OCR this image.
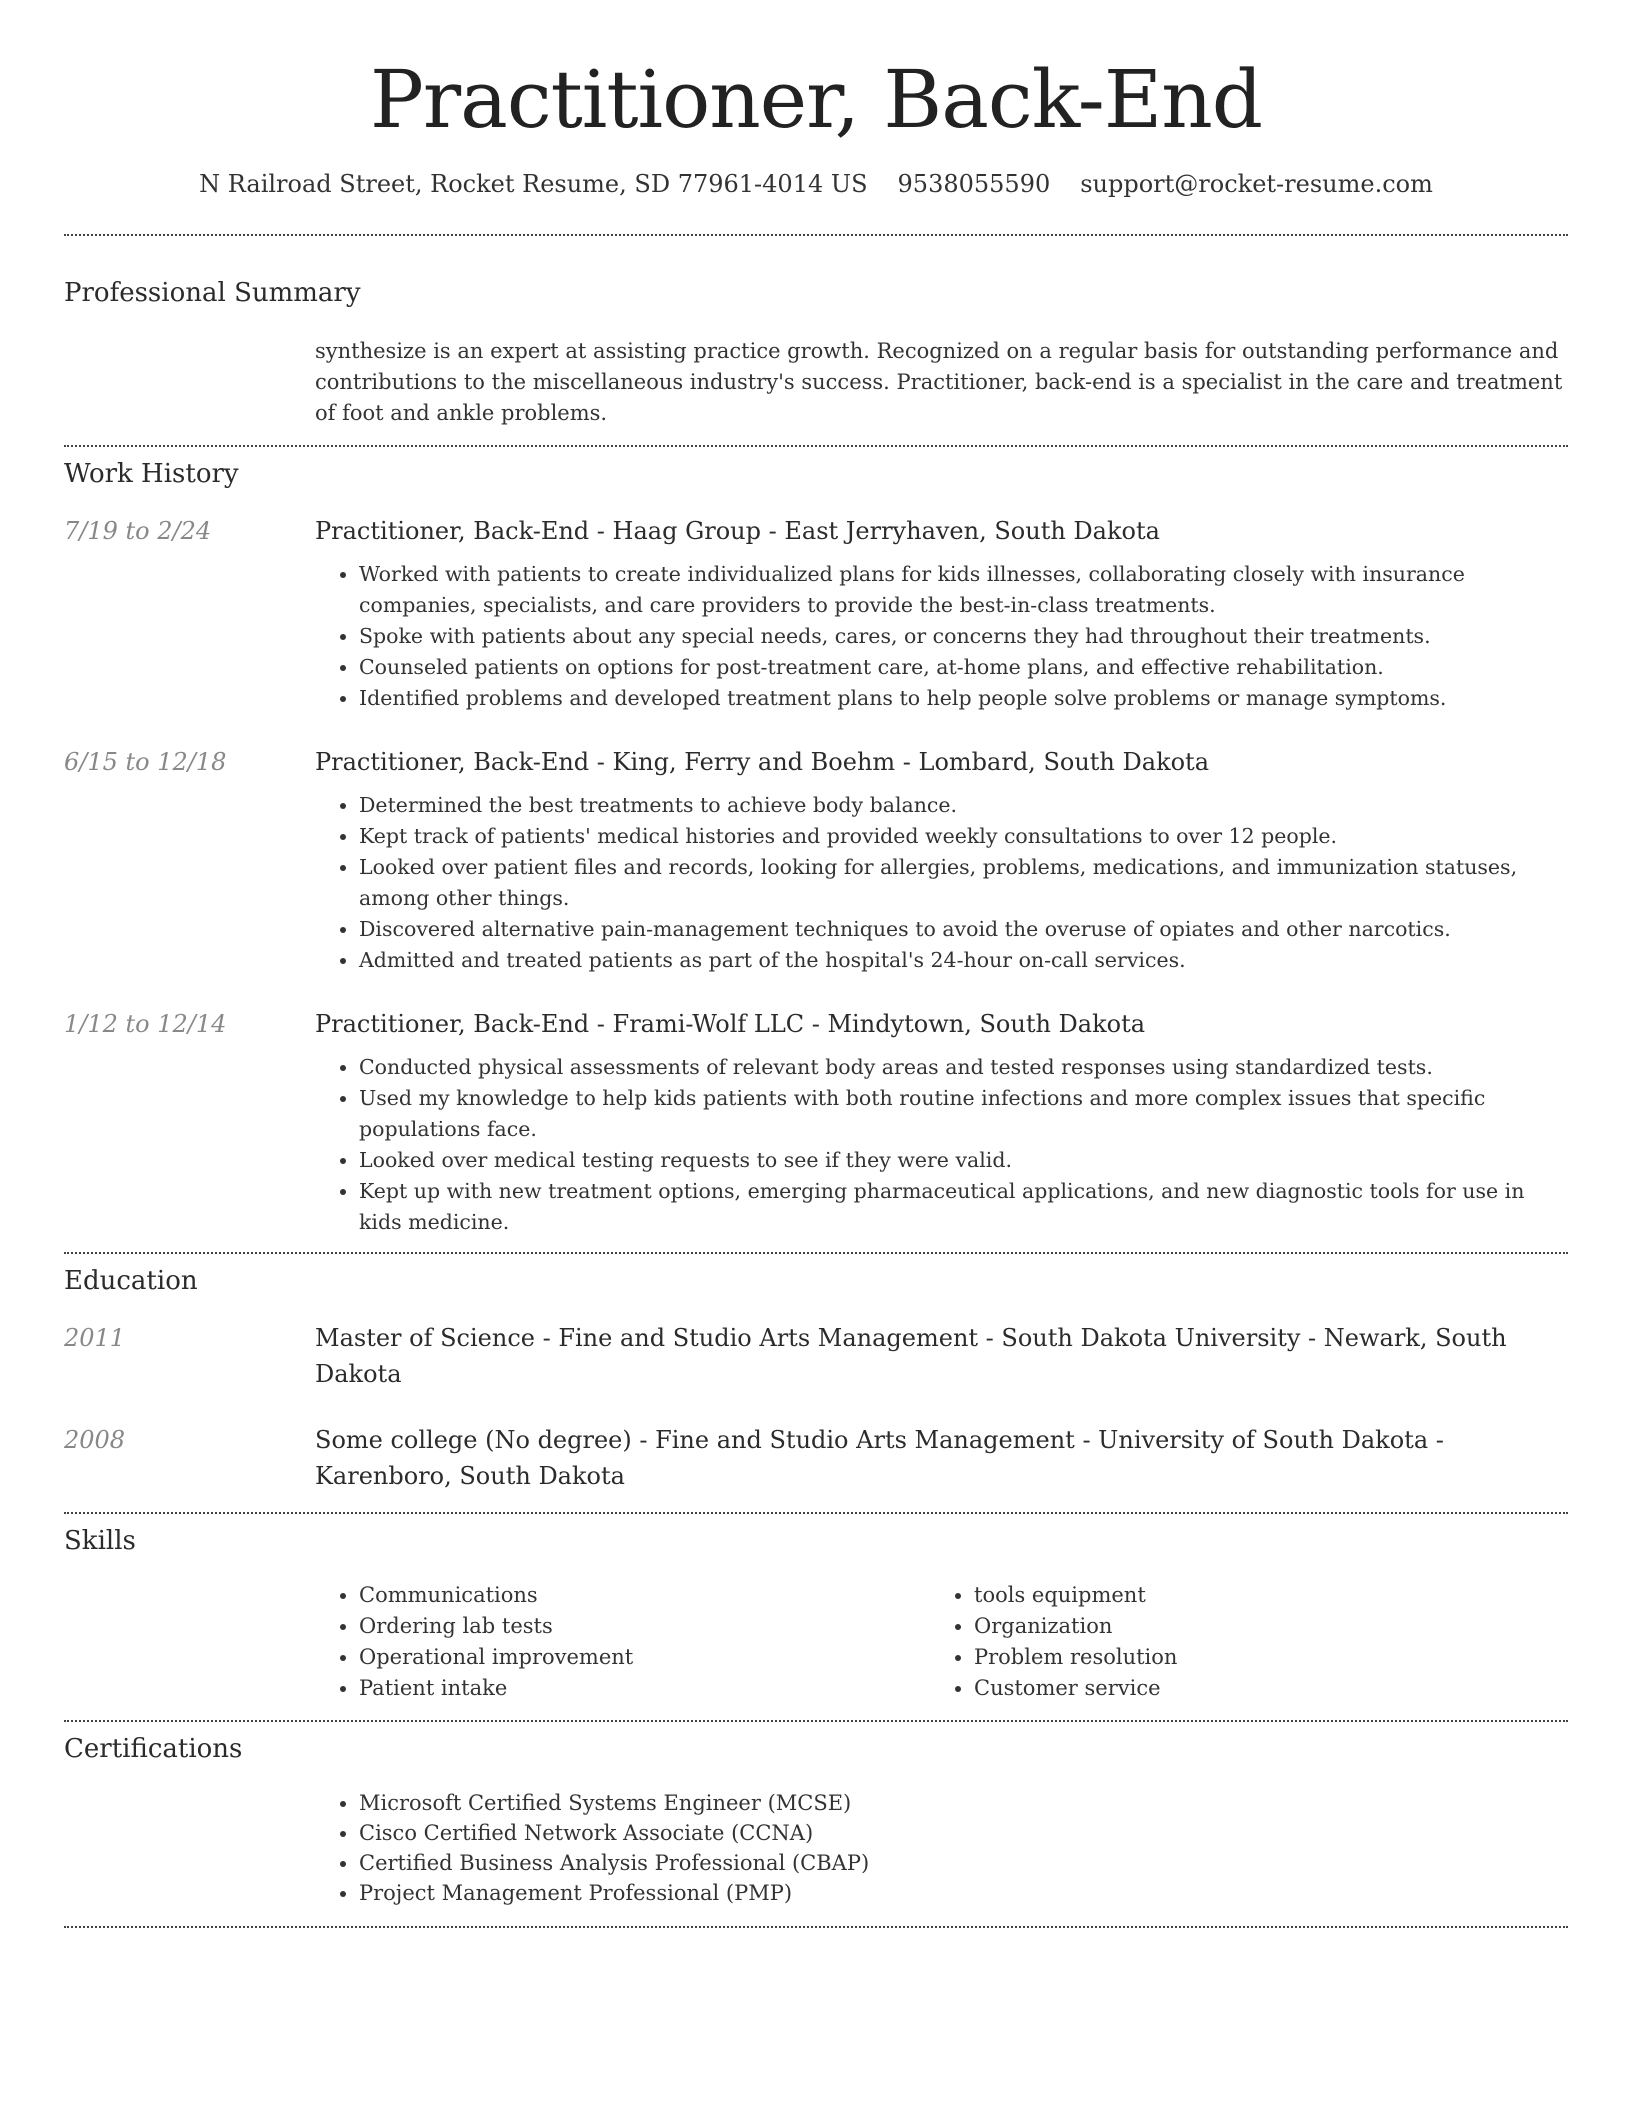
Practitioner, Back-End
N Railroad Street, Rocket Resume, SD 77961-4014 US 9538055590 support@rocket-resume.com
Professional Summary
synthesize is an expert at assisting practice growth. Recognized on a regular basis for outstanding performance and contributions to the miscellaneous industry's success. Practitioner, back-end is a specialist in the care and treatment of foot and ankle problems.
Work History
7/19 to 2/24	Practitioner, Back-End - Haag Group - East Jerryhaven, South Dakota
• Worked with patients to create individualized plans for kids illnesses, collaborating closely with insurance companies, specialists, and care providers to provide the best-in-class treatments.
• Spoke with patients about any special needs, cares, or concerns they had throughout their treatments.
• Counseled patients on options for post-treatment care, at-home plans, and effective rehabilitation.
• Identified problems and developed treatment plans to help people solve problems or manage symptoms.
6/15 to 12/18	Practitioner, Back-End - King, Ferry and Boehm - Lombard, South Dakota
• Determined the best treatments to achieve body balance.
• Kept track of patients' medical histories and provided weekly consultations to over 12 people.
• Looked over patient files and records, looking for allergies, problems, medications, and immunization statuses, among other things.
• Discovered alternative pain-management techniques to avoid the overuse of opiates and other narcotics.
• Admitted and treated patients as part of the hospital's 24-hour on-call services.
1/12 to 12/14	Practitioner, Back-End - Frami-Wolf LLC - Mindytown, South Dakota
• Conducted physical assessments of relevant body areas and tested responses using standardized tests.
• Used my knowledge to help kids patients with both routine infections and more complex issues that specific populations face.
• Looked over medical testing requests to see if they were valid.
• Kept up with new treatment options, emerging pharmaceutical applications, and new diagnostic tools for use in kids medicine.
Education
2011	Master of Science - Fine and Studio Arts Management - South Dakota University - Newark, South Dakota
2008	Some college (No degree) - Fine and Studio Arts Management - University of South Dakota - Karenboro, South Dakota
Skills
• Communications
• Ordering lab tests
• Operational improvement
• Patient intake
• tools equipment
• Organization
• Problem resolution
• Customer service
Certifications
• Microsoft Certified Systems Engineer (MCSE)
• Cisco Certified Network Associate (CCNA)
• Certified Business Analysis Professional (CBAP)
• Project Management Professional (PMP)
